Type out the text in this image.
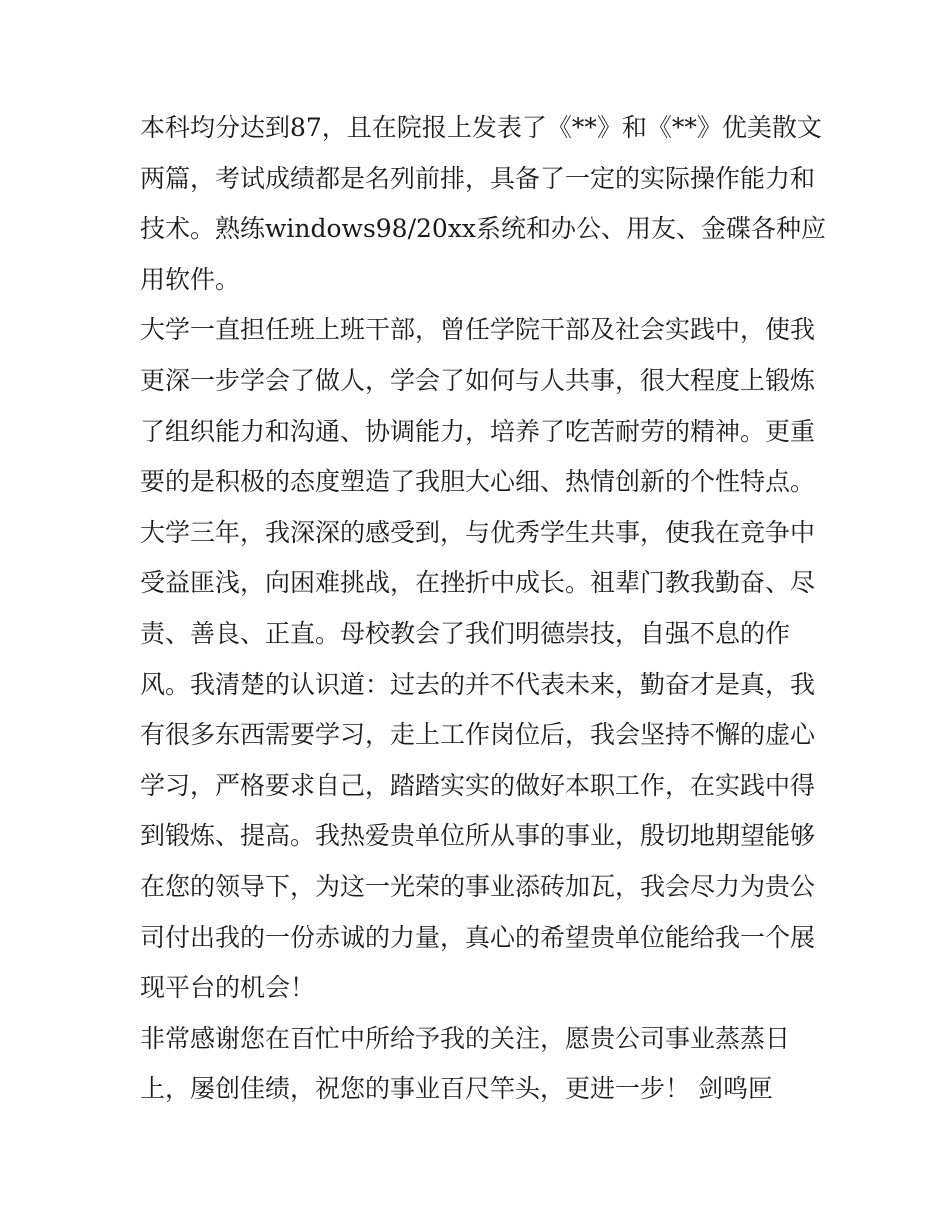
本科均分达到87，且在院报上发表了《**》和《**》优美散文
两篇，考试成绩都是名列前排，具备了一定的实际操作能力和
技术。熟练windows98/20xx系统和办公、用友、金碟各种应
用软件。
大学一直担任班上班干部，曾任学院干部及社会实践中，使我
更深一步学会了做人，学会了如何与人共事，很大程度上锻炼
了组织能力和沟通、协调能力，培养了吃苦耐劳的精神。更重
要的是积极的态度塑造了我胆大心细、热情创新的个性特点。
大学三年，我深深的感受到，与优秀学生共事，使我在竞争中
受益匪浅，向困难挑战，在挫折中成长。祖辈门教我勤奋、尽
责、善良、正直。母校教会了我们明德崇技，自强不息的作
风。我清楚的认识道：过去的并不代表未来，勤奋才是真，我
有很多东西需要学习，走上工作岗位后，我会坚持不懈的虚心
学习，严格要求自己，踏踏实实的做好本职工作，在实践中得
到锻炼、提高。我热爱贵单位所从事的事业，殷切地期望能够
在您的领导下，为这一光荣的事业添砖加瓦，我会尽力为贵公
司付出我的一份赤诚的力量，真心的希望贵单位能给我一个展
现平台的机会！
非常感谢您在百忙中所给予我的关注，愿贵公司事业蒸蒸日
上，屡创佳绩，祝您的事业百尺竿头，更进一步！ 剑鸣匣
